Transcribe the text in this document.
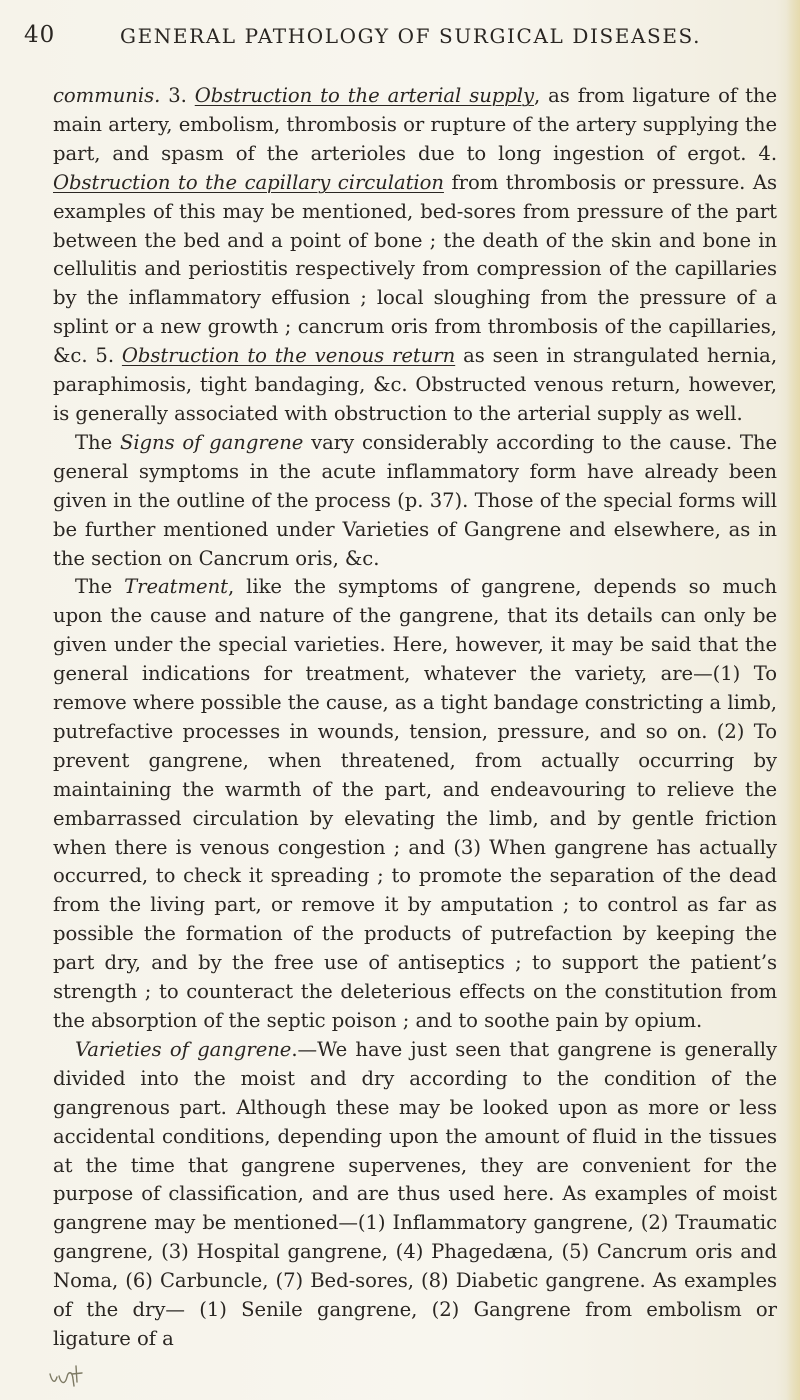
40	GENERAL PATHOLOGY OF SURGICAL DISEASES.

communis. 3. Obstruction to the arterial supply, as from ligature of the main artery, embolism, thrombosis or rupture of the artery supplying the part, and spasm of the arterioles due to long ingestion of ergot. 4. Obstruction to the capillary circulation from thrombosis or pressure. As examples of this may be mentioned, bed-sores from pressure of the part between the bed and a point of bone ; the death of the skin and bone in cellulitis and periostitis respectively from compression of the capillaries by the inflammatory effusion ; local sloughing from the pressure of a splint or a new growth ; cancrum oris from thrombosis of the capillaries, &c. 5. Obstruction to the venous return as seen in strangulated hernia, paraphimosis, tight bandaging, &c. Obstructed venous return, however, is generally associated with obstruction to the arterial supply as well.

The Signs of gangrene vary considerably according to the cause. The general symptoms in the acute inflammatory form have already been given in the outline of the process (p. 37). Those of the special forms will be further mentioned under Varieties of Gangrene and elsewhere, as in the section on Cancrum oris, &c.

The Treatment, like the symptoms of gangrene, depends so much upon the cause and nature of the gangrene, that its details can only be given under the special varieties. Here, however, it may be said that the general indications for treatment, whatever the variety, are—(1) To remove where possible the cause, as a tight bandage constricting a limb, putrefactive processes in wounds, tension, pressure, and so on. (2) To prevent gangrene, when threatened, from actually occurring by maintaining the warmth of the part, and endeavouring to relieve the embarrassed circulation by elevating the limb, and by gentle friction when there is venous congestion ; and (3) When gangrene has actually occurred, to check it spreading ; to promote the separation of the dead from the living part, or remove it by amputation ; to control as far as possible the formation of the products of putrefaction by keeping the part dry, and by the free use of antiseptics ; to support the patient’s strength ; to counteract the deleterious effects on the constitution from the absorption of the septic poison ; and to soothe pain by opium.

Varieties of gangrene.—We have just seen that gangrene is generally divided into the moist and dry according to the condition of the gangrenous part. Although these may be looked upon as more or less accidental conditions, depending upon the amount of fluid in the tissues at the time that gangrene supervenes, they are convenient for the purpose of classification, and are thus used here. As examples of moist gangrene may be mentioned—(1) Inflammatory gangrene, (2) Traumatic gangrene, (3) Hospital gangrene, (4) Phagedæna, (5) Cancrum oris and Noma, (6) Carbuncle, (7) Bed-sores, (8) Diabetic gangrene. As examples of the dry— (1) Senile gangrene, (2) Gangrene from embolism or ligature of a
